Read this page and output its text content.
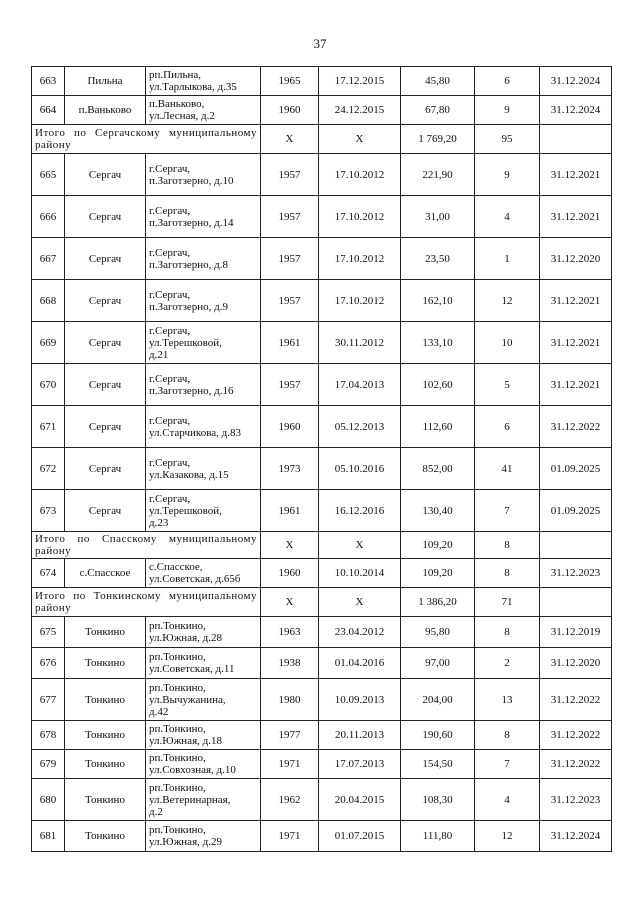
37
663	Пильна	рп.Пильна,
ул.Тарлыкова, д.35	1965	17.12.2015	45,80	6	31.12.2024
664	п.Ваньково	п.Ваньково,
ул.Лесная, д.2	1960	24.12.2015	67,80	9	31.12.2024
Итого по Сергачскому муниципальному району			X	X	1 769,20	95	
665	Сергач	г.Сергач,
п.Заготзерно, д.10	1957	17.10.2012	221,90	9	31.12.2021
666	Сергач	г.Сергач,
п.Заготзерно, д.14	1957	17.10.2012	31,00	4	31.12.2021
667	Сергач	г.Сергач,
п.Заготзерно, д.8	1957	17.10.2012	23,50	1	31.12.2020
668	Сергач	г.Сергач,
п.Заготзерно, д.9	1957	17.10.2012	162,10	12	31.12.2021
669	Сергач	г.Сергач,
ул.Терешковой,
д.21	1961	30.11.2012	133,10	10	31.12.2021
670	Сергач	г.Сергач,
п.Заготзерно, д.16	1957	17.04.2013	102,60	5	31.12.2021
671	Сергач	г.Сергач,
ул.Старчикова, д.83	1960	05.12.2013	112,60	6	31.12.2022
672	Сергач	г.Сергач,
ул.Казакова, д.15	1973	05.10.2016	852,00	41	01.09.2025
673	Сергач	г.Сергач,
ул.Терешковой,
д.23	1961	16.12.2016	130,40	7	01.09.2025
Итого по Спасскому муниципальному району			X	X	109,20	8	
674	с.Спасское	с.Спасское,
ул.Советская, д.65б	1960	10.10.2014	109,20	8	31.12.2023
Итого по Тонкинскому муниципальному району			X	X	1 386,20	71	
675	Тонкино	рп.Тонкино,
ул.Южная, д.28	1963	23.04.2012	95,80	8	31.12.2019
676	Тонкино	рп.Тонкино,
ул.Советская, д.11	1938	01.04.2016	97,00	2	31.12.2020
677	Тонкино	рп.Тонкино,
ул.Вычужанина,
д.42	1980	10.09.2013	204,00	13	31.12.2022
678	Тонкино	рп.Тонкино,
ул.Южная, д.18	1977	20.11.2013	190,60	8	31.12.2022
679	Тонкино	рп.Тонкино,
ул.Совхозная, д.10	1971	17.07.2013	154,50	7	31.12.2022
680	Тонкино	рп.Тонкино,
ул.Ветеринарная,
д.2	1962	20.04.2015	108,30	4	31.12.2023
681	Тонкино	рп.Тонкино,
ул.Южная, д.29	1971	01.07.2015	111,80	12	31.12.2024
